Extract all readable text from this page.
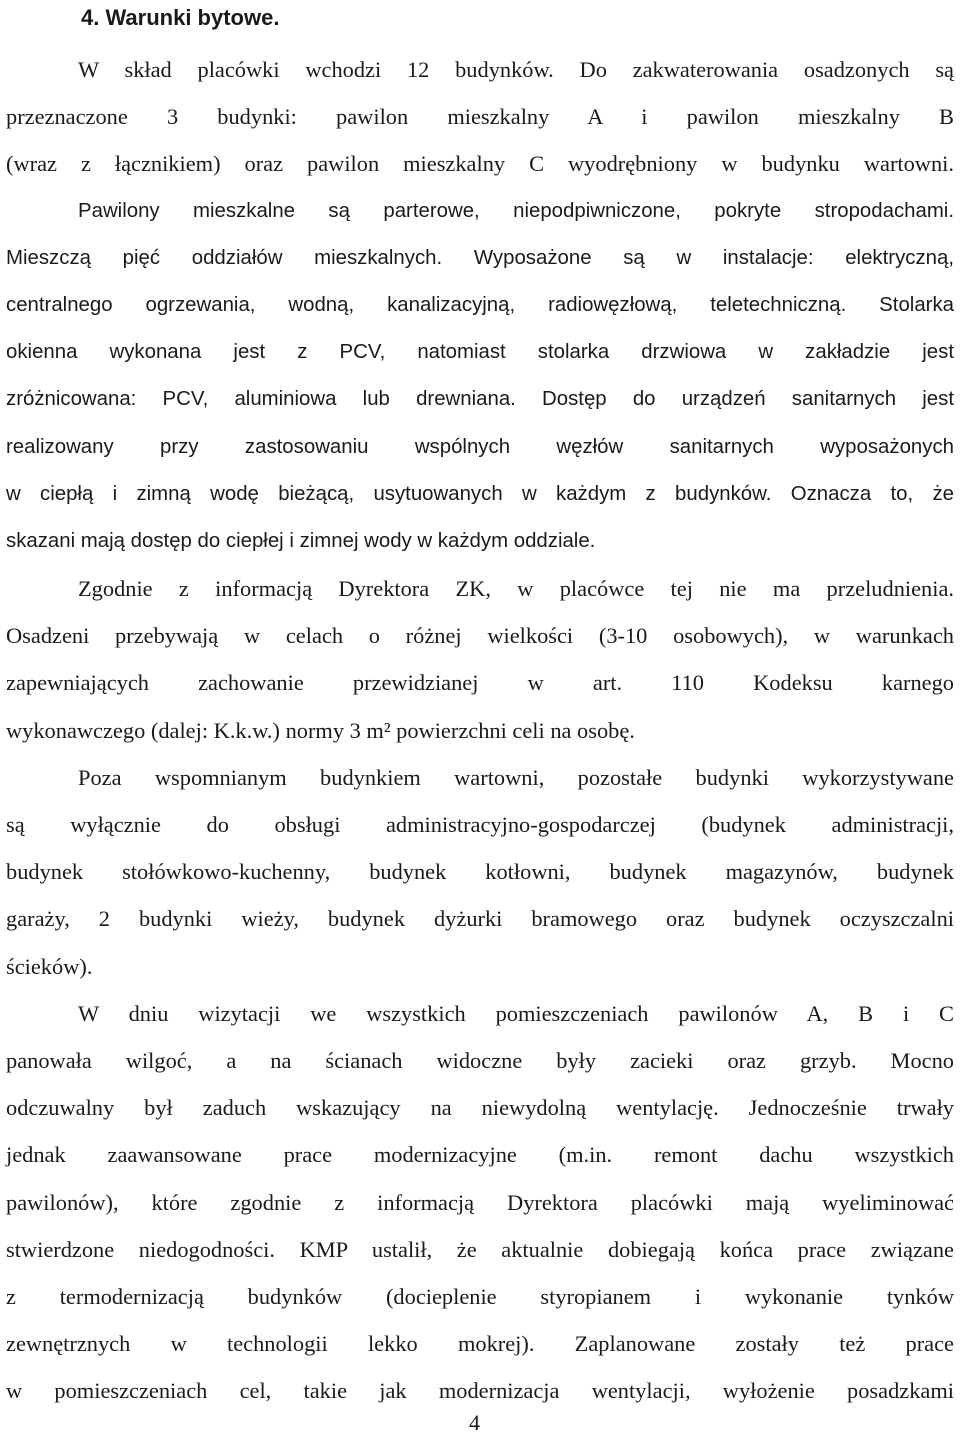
4. Warunki bytowe.
W skład placówki wchodzi 12 budynków. Do zakwaterowania osadzonych są
przeznaczone 3 budynki: pawilon mieszkalny A i pawilon mieszkalny B
(wraz z łącznikiem) oraz pawilon mieszkalny C wyodrębniony w budynku wartowni.
Pawilony mieszkalne są parterowe, niepodpiwniczone, pokryte stropodachami.
Mieszczą pięć oddziałów mieszkalnych. Wyposażone są w instalacje: elektryczną,
centralnego ogrzewania, wodną, kanalizacyjną, radiowęzłową, teletechniczną. Stolarka
okienna wykonana jest z PCV, natomiast stolarka drzwiowa w zakładzie jest
zróżnicowana: PCV, aluminiowa lub drewniana. Dostęp do urządzeń sanitarnych jest
realizowany przy zastosowaniu wspólnych węzłów sanitarnych wyposażonych
w ciepłą i zimną wodę bieżącą, usytuowanych w każdym z budynków. Oznacza to, że
skazani mają dostęp do ciepłej i zimnej wody w każdym oddziale.
Zgodnie z informacją Dyrektora ZK, w placówce tej nie ma przeludnienia.
Osadzeni przebywają w celach o różnej wielkości (3-10 osobowych), w warunkach
zapewniających zachowanie przewidzianej w art. 110 Kodeksu karnego
wykonawczego (dalej: K.k.w.) normy 3 m² powierzchni celi na osobę.
Poza wspomnianym budynkiem wartowni, pozostałe budynki wykorzystywane
są wyłącznie do obsługi administracyjno-gospodarczej (budynek administracji,
budynek stołówkowo-kuchenny, budynek kotłowni, budynek magazynów, budynek
garaży, 2 budynki wieży, budynek dyżurki bramowego oraz budynek oczyszczalni
ścieków).
W dniu wizytacji we wszystkich pomieszczeniach pawilonów A, B i C
panowała wilgoć, a na ścianach widoczne były zacieki oraz grzyb. Mocno
odczuwalny był zaduch wskazujący na niewydolną wentylację. Jednocześnie trwały
jednak zaawansowane prace modernizacyjne (m.in. remont dachu wszystkich
pawilonów), które zgodnie z informacją Dyrektora placówki mają wyeliminować
stwierdzone niedogodności. KMP ustalił, że aktualnie dobiegają końca prace związane
z termodernizacją budynków (docieplenie styropianem i wykonanie tynków
zewnętrznych w technologii lekko mokrej). Zaplanowane zostały też prace
w pomieszczeniach cel, takie jak modernizacja wentylacji, wyłożenie posadzkami
4
